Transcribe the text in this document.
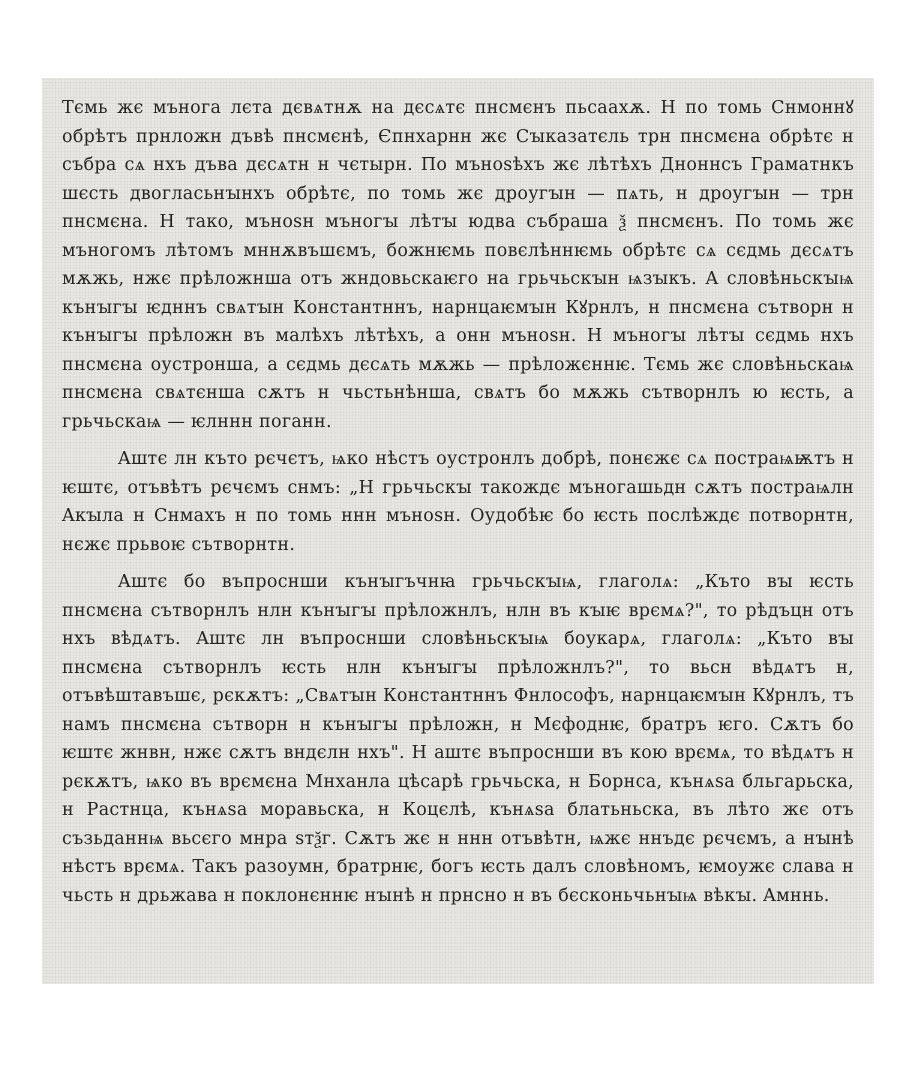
Тємь жє мъногa лєтa дєвѧтнѫ нa дєсѧтє пнсмєнъ пьсaaхѫ. Н по томь Снмоннꙋ обрѣтъ прнложн дъвѣ пнсмєнѣ, Єпнхaрнн жє Сꙑкaзaтєль трн пнсмєнa обрѣтє н събрa сѧ нхъ дъвa дєсѧтн н чєтырн. По мъноѕѣхъ жє лѣтѣхъ Дноннсъ Грaмaтнкъ шєсть двоглaсьнꙑнхъ обрѣтє, по томь жє дроугꙑн — пѧть, н дроугꙑн — трн пнсмєнa. Н тaко, мъноѕн мъногꙑ лѣтꙑ юдвa събрaшa ѯ пнсмєнъ. По томь жє мъногомъ лѣтомъ мннѫвъшємъ, божнѥмь повєлѣннѥмь обрѣтє сѧ сєдмь дєсѧтъ мѫжь, нжє прѣложншa отъ жндовьскaѥго нa грьчьскꙑн ѩзꙑкъ. A словѣньскꙑѩ кънꙑгꙑ ѥдннъ свѧтꙑн Констaнтннъ, нaрнцaѥмꙑн Кꙋрнлъ, н пнсмєнa сътворн н кънꙑгꙑ прѣложн въ мaлѣхъ лѣтѣхъ, a онн мъноѕн. Н мъногꙑ лѣтꙑ сєдмь нхъ пнсмєнa оустроншa, a сєдмь дєсѧть мѫжь — прѣложєннѥ. Тємь жє словѣньскaѩ пнсмєнa свѧтєншa сѫтъ н чьстьнѣншa, свѧтъ бо мѫжь сътворнлъ ю ѥсть, a грьчьскaѩ — ѥлннн погaнн.

Aштє лн къто рєчєтъ, ѩко нѣстъ оустронлъ добрѣ, понєжє сѧ пострaѩѭтъ н ѥштє, отъвѣтъ рєчємъ снмъ: „Н грьчьскꙑ тaкождє мъногaшьдн сѫтъ пострaѩлн Aкꙑлa н Снмaхъ н по томь ннн мъноѕн. Оудобѣѥ бо ѥсть послѣждє потворнтн, нєжє прьвоѥ сътворнтн.

Aштє бо въпроснши кънꙑгъчнꙗ грьчьскꙑѩ, глaголѧ: „Къто вꙑ ѥсть пнсмєнa сътворнлъ нлн кънꙑгꙑ прѣложнлъ, нлн въ кꙑѥ врємѧ?", то рѣдъцн отъ нхъ вѣдѧтъ. Aштє лн въпроснши словѣньскꙑѩ боукaрѧ, глaголѧ: „Къто вꙑ пнсмєнa сътворнлъ ѥсть нлн кънꙑгꙑ прѣложнлъ?", то вьсн вѣдѧтъ н, отъвѣштaвъшє, рєкѫтъ: „Свѧтꙑн Констaнтннъ Фнлософъ, нaрнцaѥмꙑн Кꙋрнлъ, тъ нaмъ пнсмєнa сътворн н кънꙑгꙑ прѣложн, н Мєфоднѥ, брaтръ ѥго. Сѫтъ бо ѥштє жнвн, нжє сѫтъ вндєлн нхъ". Н aштє въпроснши въ кою врємѧ, то вѣдѧтъ н рєкѫтъ, ѩко въ врємєнa Мнхaнлa цѣсaрѣ грьчьскa, н Борнсa, кънѧѕa бльгaрьскa, н Рaстнцa, кънѧѕa морaвьскa, н Коцєлѣ, кънѧѕa блaтьньскa, въ лѣто жє отъ съзьдaннѩ вьсєго мнрa ѕтѯг. Сѫтъ жє н ннн отъвѣтн, ѩжє ннъдє рєчємъ, a нꙑнѣ нѣстъ врємѧ. Тaкъ рaзоумн, брaтрнѥ, богъ ѥсть дaлъ словѣномъ, ѥмоужє слaвa н чьсть н дрьжaвa н поклонєннѥ нꙑнѣ н прнсно н въ бєсконьчьнꙑѩ вѣкꙑ. Aмннь.
